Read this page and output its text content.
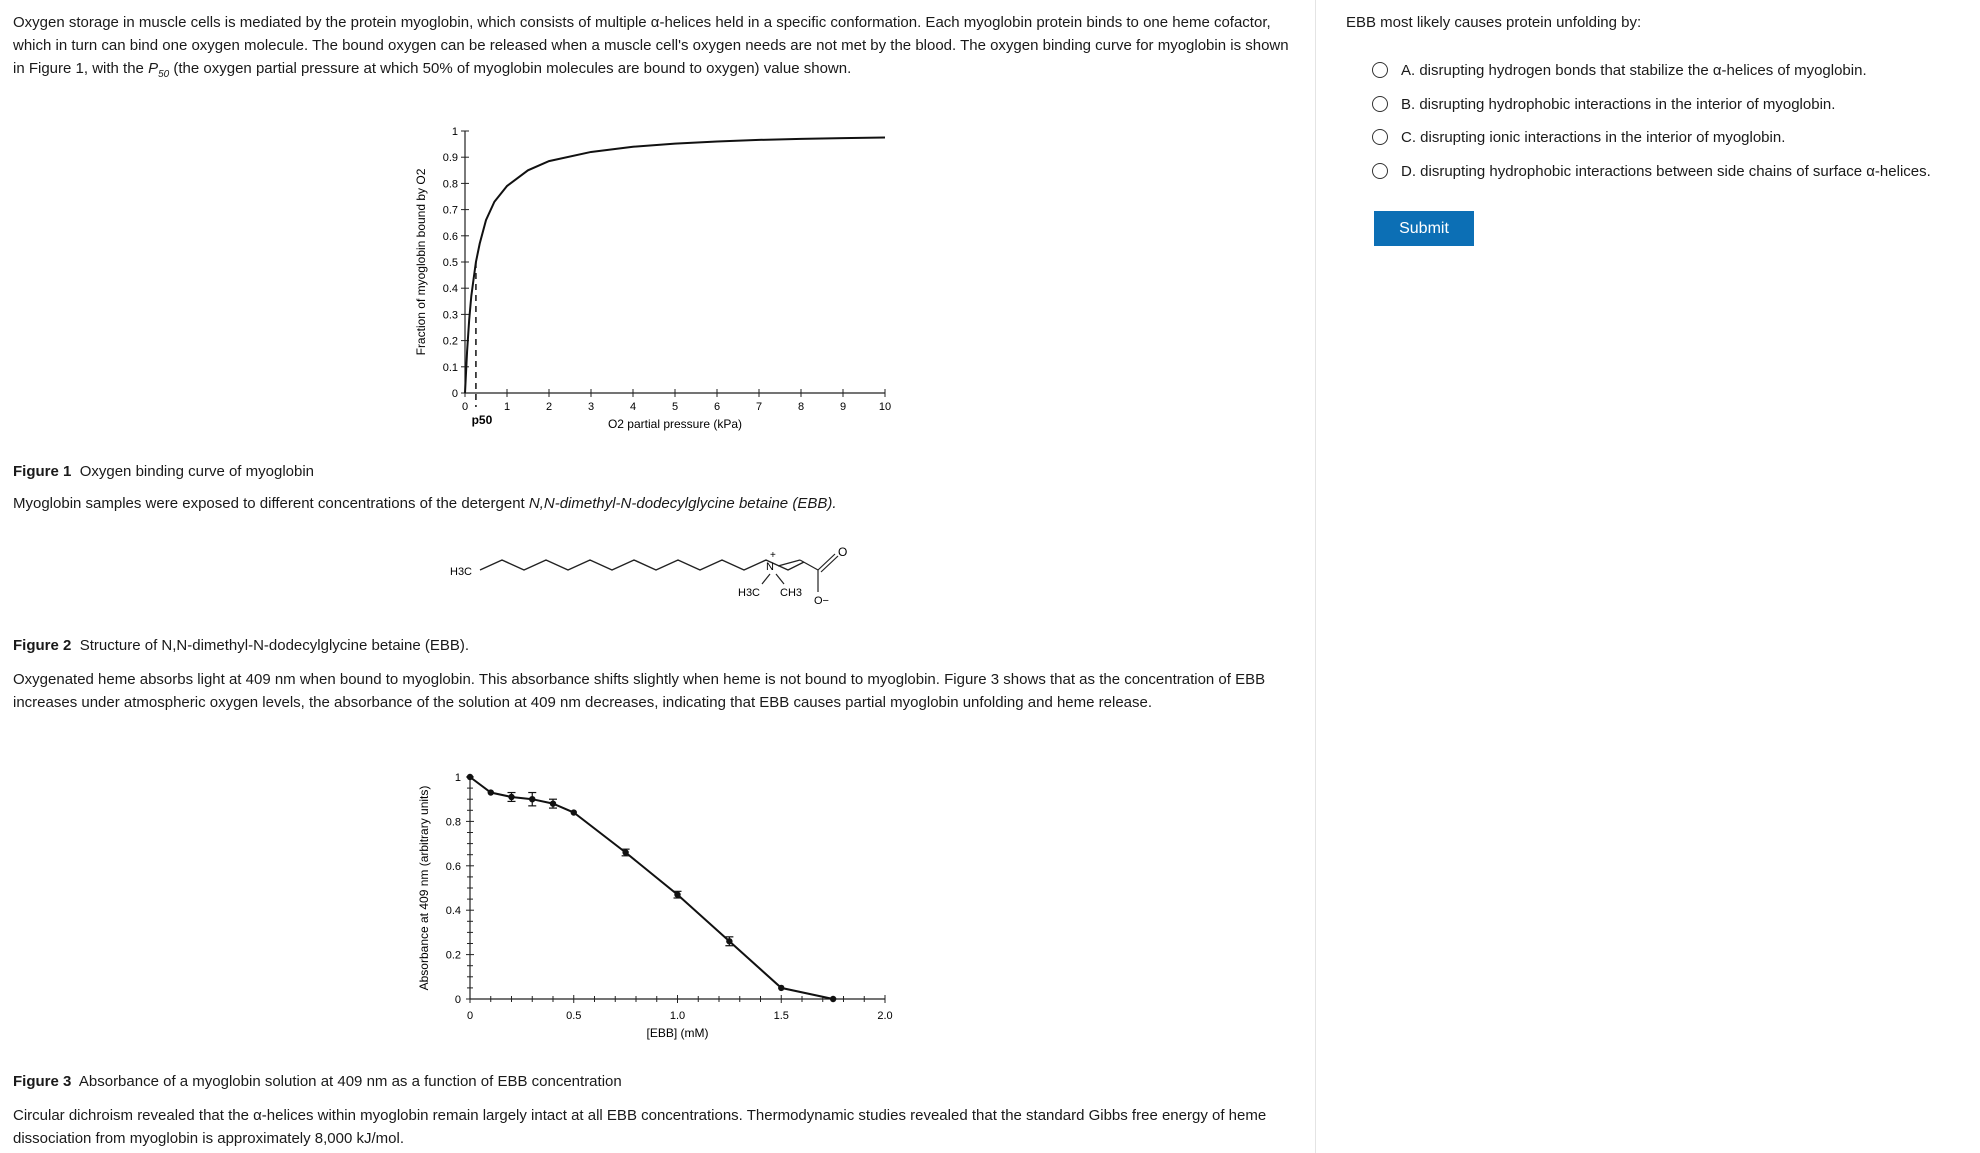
Oxygen storage in muscle cells is mediated by the protein myoglobin, which consists of multiple α-helices held in a specific conformation. Each myoglobin protein binds to one heme cofactor, which in turn can bind one oxygen molecule. The bound oxygen can be released when a muscle cell's oxygen needs are not met by the blood. The oxygen binding curve for myoglobin is shown in Figure 1, with the $P_{50}$ (the oxygen partial pressure at which 50% of myoglobin molecules are bound to oxygen) value shown.

0	1	2	3	4	5	6	7	8	9	10
0
0.1
0.2
0.3
0.4
0.5
0.6
0.7
0.8
0.9
1
p50	O2 partial pressure (kPa)
Fraction of myoglobin bound by O2
Figure 1 Oxygen binding curve of myoglobin
Myoglobin samples were exposed to different concentrations of the detergent N,N-dimethyl-N-dodecylglycine betaine (EBB).
H3C
+
N
H3C CH3
O
O−
Figure 2 Structure of N,N-dimethyl-N-dodecylglycine betaine (EBB).

Oxygenated heme absorbs light at 409 nm when bound to myoglobin. This absorbance shifts slightly when heme is not bound to myoglobin. Figure 3 shows that as the concentration of EBB increases under atmospheric oxygen levels, the absorbance of the solution at 409 nm decreases, indicating that EBB causes partial myoglobin unfolding and heme release.

0	0.5	1.0	1.5	2.0
0
0.2
0.4
0.6
0.8
1
[EBB] (mM)
Absorbance at 409 nm (arbitrary units)
Figure 3 Absorbance of a myoglobin solution at 409 nm as a function of EBB concentration

Circular dichroism revealed that the α-helices within myoglobin remain largely intact at all EBB concentrations. Thermodynamic studies revealed that the standard Gibbs free energy of heme dissociation from myoglobin is approximately 8,000 kJ/mol.

EBB most likely causes protein unfolding by:
A. disrupting hydrogen bonds that stabilize the α-helices of myoglobin.
B. disrupting hydrophobic interactions in the interior of myoglobin.
C. disrupting ionic interactions in the interior of myoglobin.
D. disrupting hydrophobic interactions between side chains of surface α-helices.
Submit
